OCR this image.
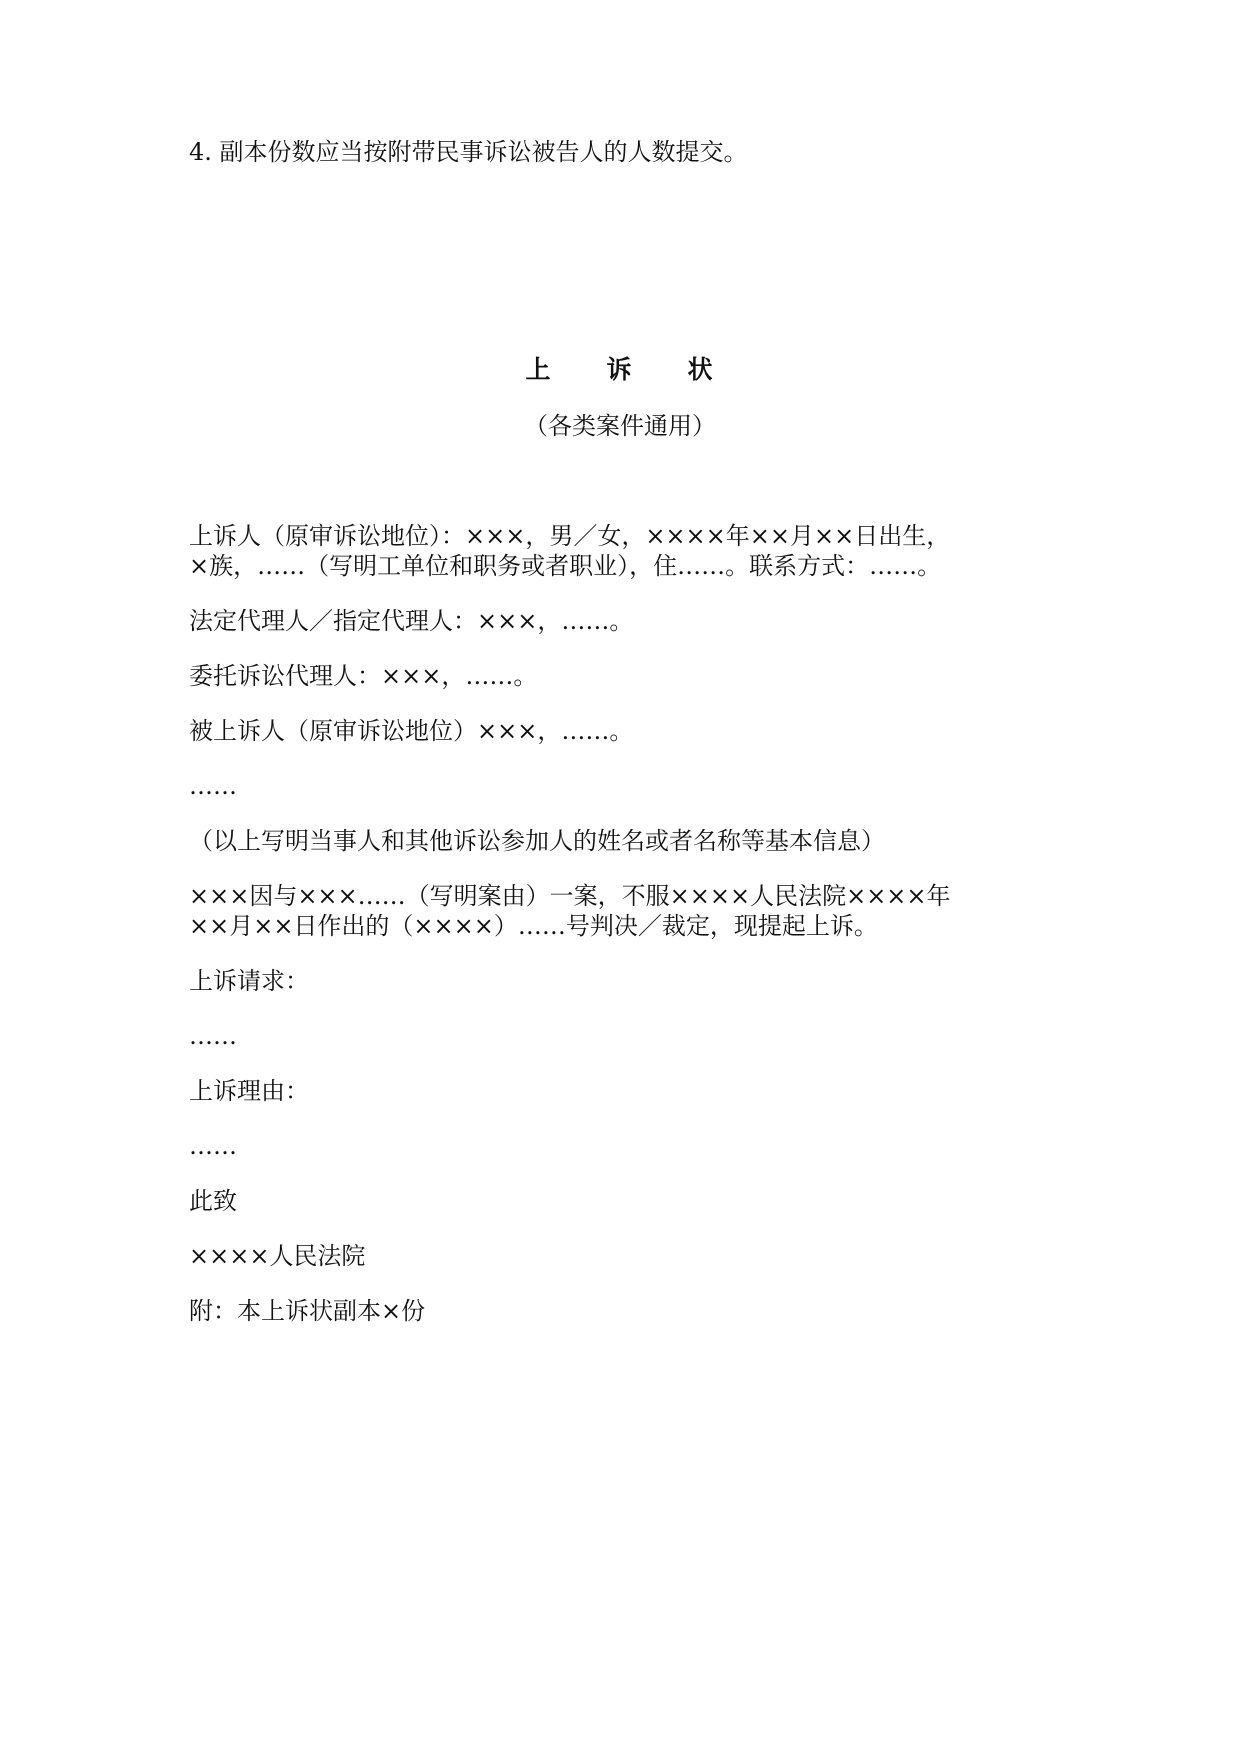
4. 副本份数应当按附带民事诉讼被告人的人数提交。
上　　诉　　状
（各类案件通用）
上诉人（原审诉讼地位）：×××，男／女，××××年××月××日出生，
×族，……（写明工单位和职务或者职业），住……。联系方式：……。
法定代理人／指定代理人：×××，……。
委托诉讼代理人：×××，……。
被上诉人（原审诉讼地位）×××，……。
……
（以上写明当事人和其他诉讼参加人的姓名或者名称等基本信息）
×××因与×××……（写明案由）一案，不服××××人民法院××××年
××月××日作出的（××××）……号判决／裁定，现提起上诉。
上诉请求：
……
上诉理由：
……
此致
××××人民法院
附：本上诉状副本×份
